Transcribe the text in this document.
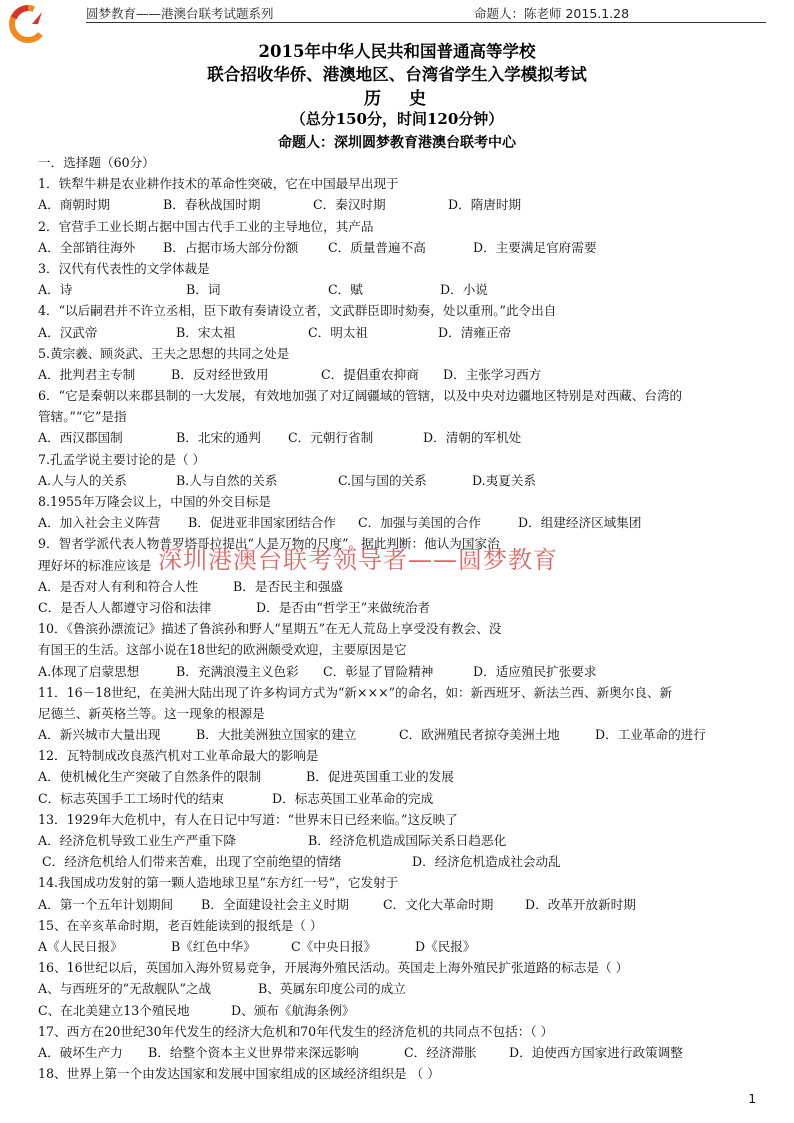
圆梦教育——港澳台联考试题系列	命题人：陈老师 2015.1.28
2015年中华人民共和国普通高等学校
联合招收华侨、港澳地区、台湾省学生入学模拟考试
历史
（总分150分，时间120分钟）
命题人：深圳圆梦教育港澳台联考中心
一．选择题（60分）
1．铁犁牛耕是农业耕作技术的革命性突破，它在中国最早出现于
A．商朝时期	B．春秋战国时期	C．秦汉时期	D．隋唐时期
2．官营手工业长期占据中国古代手工业的主导地位，其产品
A．全部销往海外	B．占据市场大部分份额	C．质量普遍不高	D．主要满足官府需要
3．汉代有代表性的文学体裁是
A．诗	B．词	C．赋	D．小说
4．“以后嗣君并不许立丞相，臣下敢有奏请设立者，文武群臣即时劾奏，处以重刑。”此令出自
A．汉武帝	B．宋太祖	C．明太祖	D．清雍正帝
5.黄宗羲、顾炎武、王夫之思想的共同之处是
A．批判君主专制	B．反对经世致用	C．提倡重农抑商	D．主张学习西方
6．“它是秦朝以来郡县制的一大发展，有效地加强了对辽阔疆域的管辖，以及中央对边疆地区特别是对西藏、台湾的
管辖。”“它”是指
A．西汉郡国制	B．北宋的通判	C．元朝行省制	D．清朝的军机处
7.孔孟学说主要讨论的是（ ）
A.人与人的关系	B.人与自然的关系	C.国与国的关系	D.夷夏关系
8.1955年万隆会议上，中国的外交目标是
A．加入社会主义阵营	B．促进亚非国家团结合作	C．加强与美国的合作	D．组建经济区域集团
9．智者学派代表人物普罗塔哥拉提出“人是万物的尺度”。据此判断：他认为国家治
理好坏的标准应该是
A．是否对人有利和符合人性	B．是否民主和强盛
C．是否人人都遵守习俗和法律	D．是否由“哲学王”来做统治者
10．《鲁滨孙漂流记》描述了鲁滨孙和野人“星期五”在无人荒岛上享受没有教会、没
有国王的生活。这部小说在18世纪的欧洲颇受欢迎，主要原因是它
A.体现了启蒙思想	B．充满浪漫主义色彩	C．彰显了冒险精神	D．适应殖民扩张要求
11．16－18世纪，在美洲大陆出现了许多构词方式为“新×××”的命名，如：新西班牙、新法兰西、新奥尔良、新
尼德兰、新英格兰等。这一现象的根源是
A．新兴城市大量出现	B．大批美洲独立国家的建立	C．欧洲殖民者掠夺美洲土地	D．工业革命的进行
12．瓦特制成改良蒸汽机对工业革命最大的影响是
A．使机械化生产突破了自然条件的限制	B．促进英国重工业的发展
C．标志英国手工工场时代的结束	D．标志英国工业革命的完成
13．1929年大危机中，有人在日记中写道：“世界末日已经来临。”这反映了
A．经济危机导致工业生产严重下降	B．经济危机造成国际关系日趋恶化
C．经济危机给人们带来苦难，出现了空前绝望的情绪	D．经济危机造成社会动乱
14.我国成功发射的第一颗人造地球卫星“东方红一号”，它发射于
A．第一个五年计划期间	B．全面建设社会主义时期	C．文化大革命时期	D．改革开放新时期
15、在辛亥革命时期，老百姓能读到的报纸是（ ）
A《人民日报》	B《红色中华》	C《中央日报》	D《民报》
16、16世纪以后，英国加入海外贸易竞争，开展海外殖民活动。英国走上海外殖民扩张道路的标志是（ ）
A、与西班牙的“无敌舰队”之战	B、英属东印度公司的成立
C、在北美建立13个殖民地	D、颁布《航海条例》
17、西方在20世纪30年代发生的经济大危机和70年代发生的经济危机的共同点不包括：（ ）
A．破坏生产力	B．给整个资本主义世界带来深远影响	C．经济滞胀	D．迫使西方国家进行政策调整
18、世界上第一个由发达国家和发展中国家组成的区域经济组织是 （ ）
深圳港澳台联考领导者——圆梦教育
1
